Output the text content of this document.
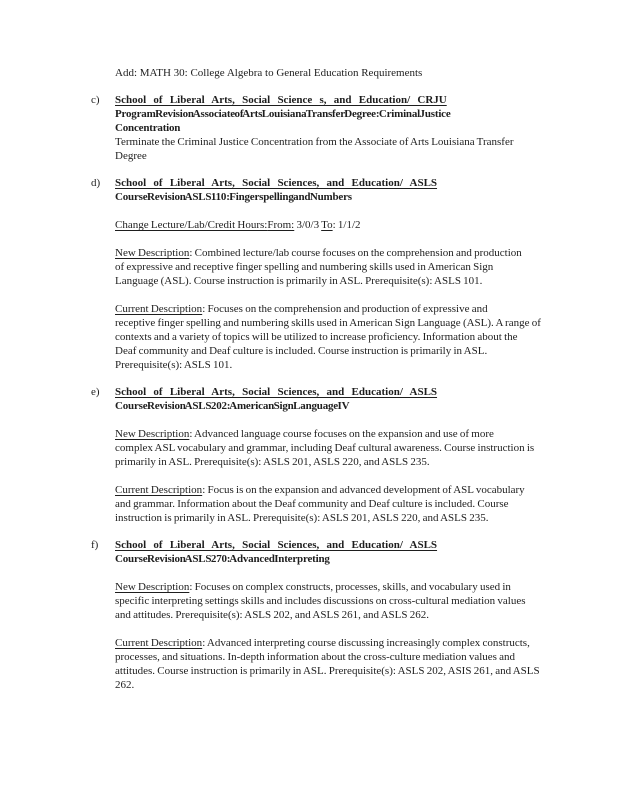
Add: MATH 30: College Algebra to General Education Requirements
c) School of Liberal Arts, Social Science s, and Education/ CRJU
Program Revision Associate of Arts Louisiana Transfer Degree: Criminal Justice
Concentration
Terminate the Criminal Justice Concentration from the Associate of Arts Louisiana Transfer
Degree
d) School of Liberal Arts, Social Sciences, and Education/ ASLS
Course Revision ASLS 110: Fingerspelling and Numbers
Change Lecture/Lab/Credit Hours:From: 3/0/3 To: 1/1/2
New Description: Combined lecture/lab course focuses on the comprehension and production
of expressive and receptive finger spelling and numbering skills used in American Sign
Language (ASL). Course instruction is primarily in ASL. Prerequisite(s): ASLS 101.
Current Description: Focuses on the comprehension and production of expressive and
receptive finger spelling and numbering skills used in American Sign Language (ASL). A range of
contexts and a variety of topics will be utilized to increase proficiency. Information about the
Deaf community and Deaf culture is included. Course instruction is primarily in ASL.
Prerequisite(s): ASLS 101.
e) School of Liberal Arts, Social Sciences, and Education/ ASLS
Course Revision ASLS 202: American Sign Language IV
New Description: Advanced language course focuses on the expansion and use of more
complex ASL vocabulary and grammar, including Deaf cultural awareness. Course instruction is
primarily in ASL. Prerequisite(s): ASLS 201, ASLS 220, and ASLS 235.
Current Description: Focus is on the expansion and advanced development of ASL vocabulary
and grammar. Information about the Deaf community and Deaf culture is included. Course
instruction is primarily in ASL. Prerequisite(s): ASLS 201, ASLS 220, and ASLS 235.
f) School of Liberal Arts, Social Sciences, and Education/ ASLS
Course Revision ASLS 270: Advanced Interpreting
New Description: Focuses on complex constructs, processes, skills, and vocabulary used in
specific interpreting settings skills and includes discussions on cross-cultural mediation values
and attitudes. Prerequisite(s): ASLS 202, and ASLS 261, and ASLS 262.
Current Description: Advanced interpreting course discussing increasingly complex constructs,
processes, and situations. In-depth information about the cross-culture mediation values and
attitudes. Course instruction is primarily in ASL. Prerequisite(s): ASLS 202, ASIS 261, and ASLS
262.
